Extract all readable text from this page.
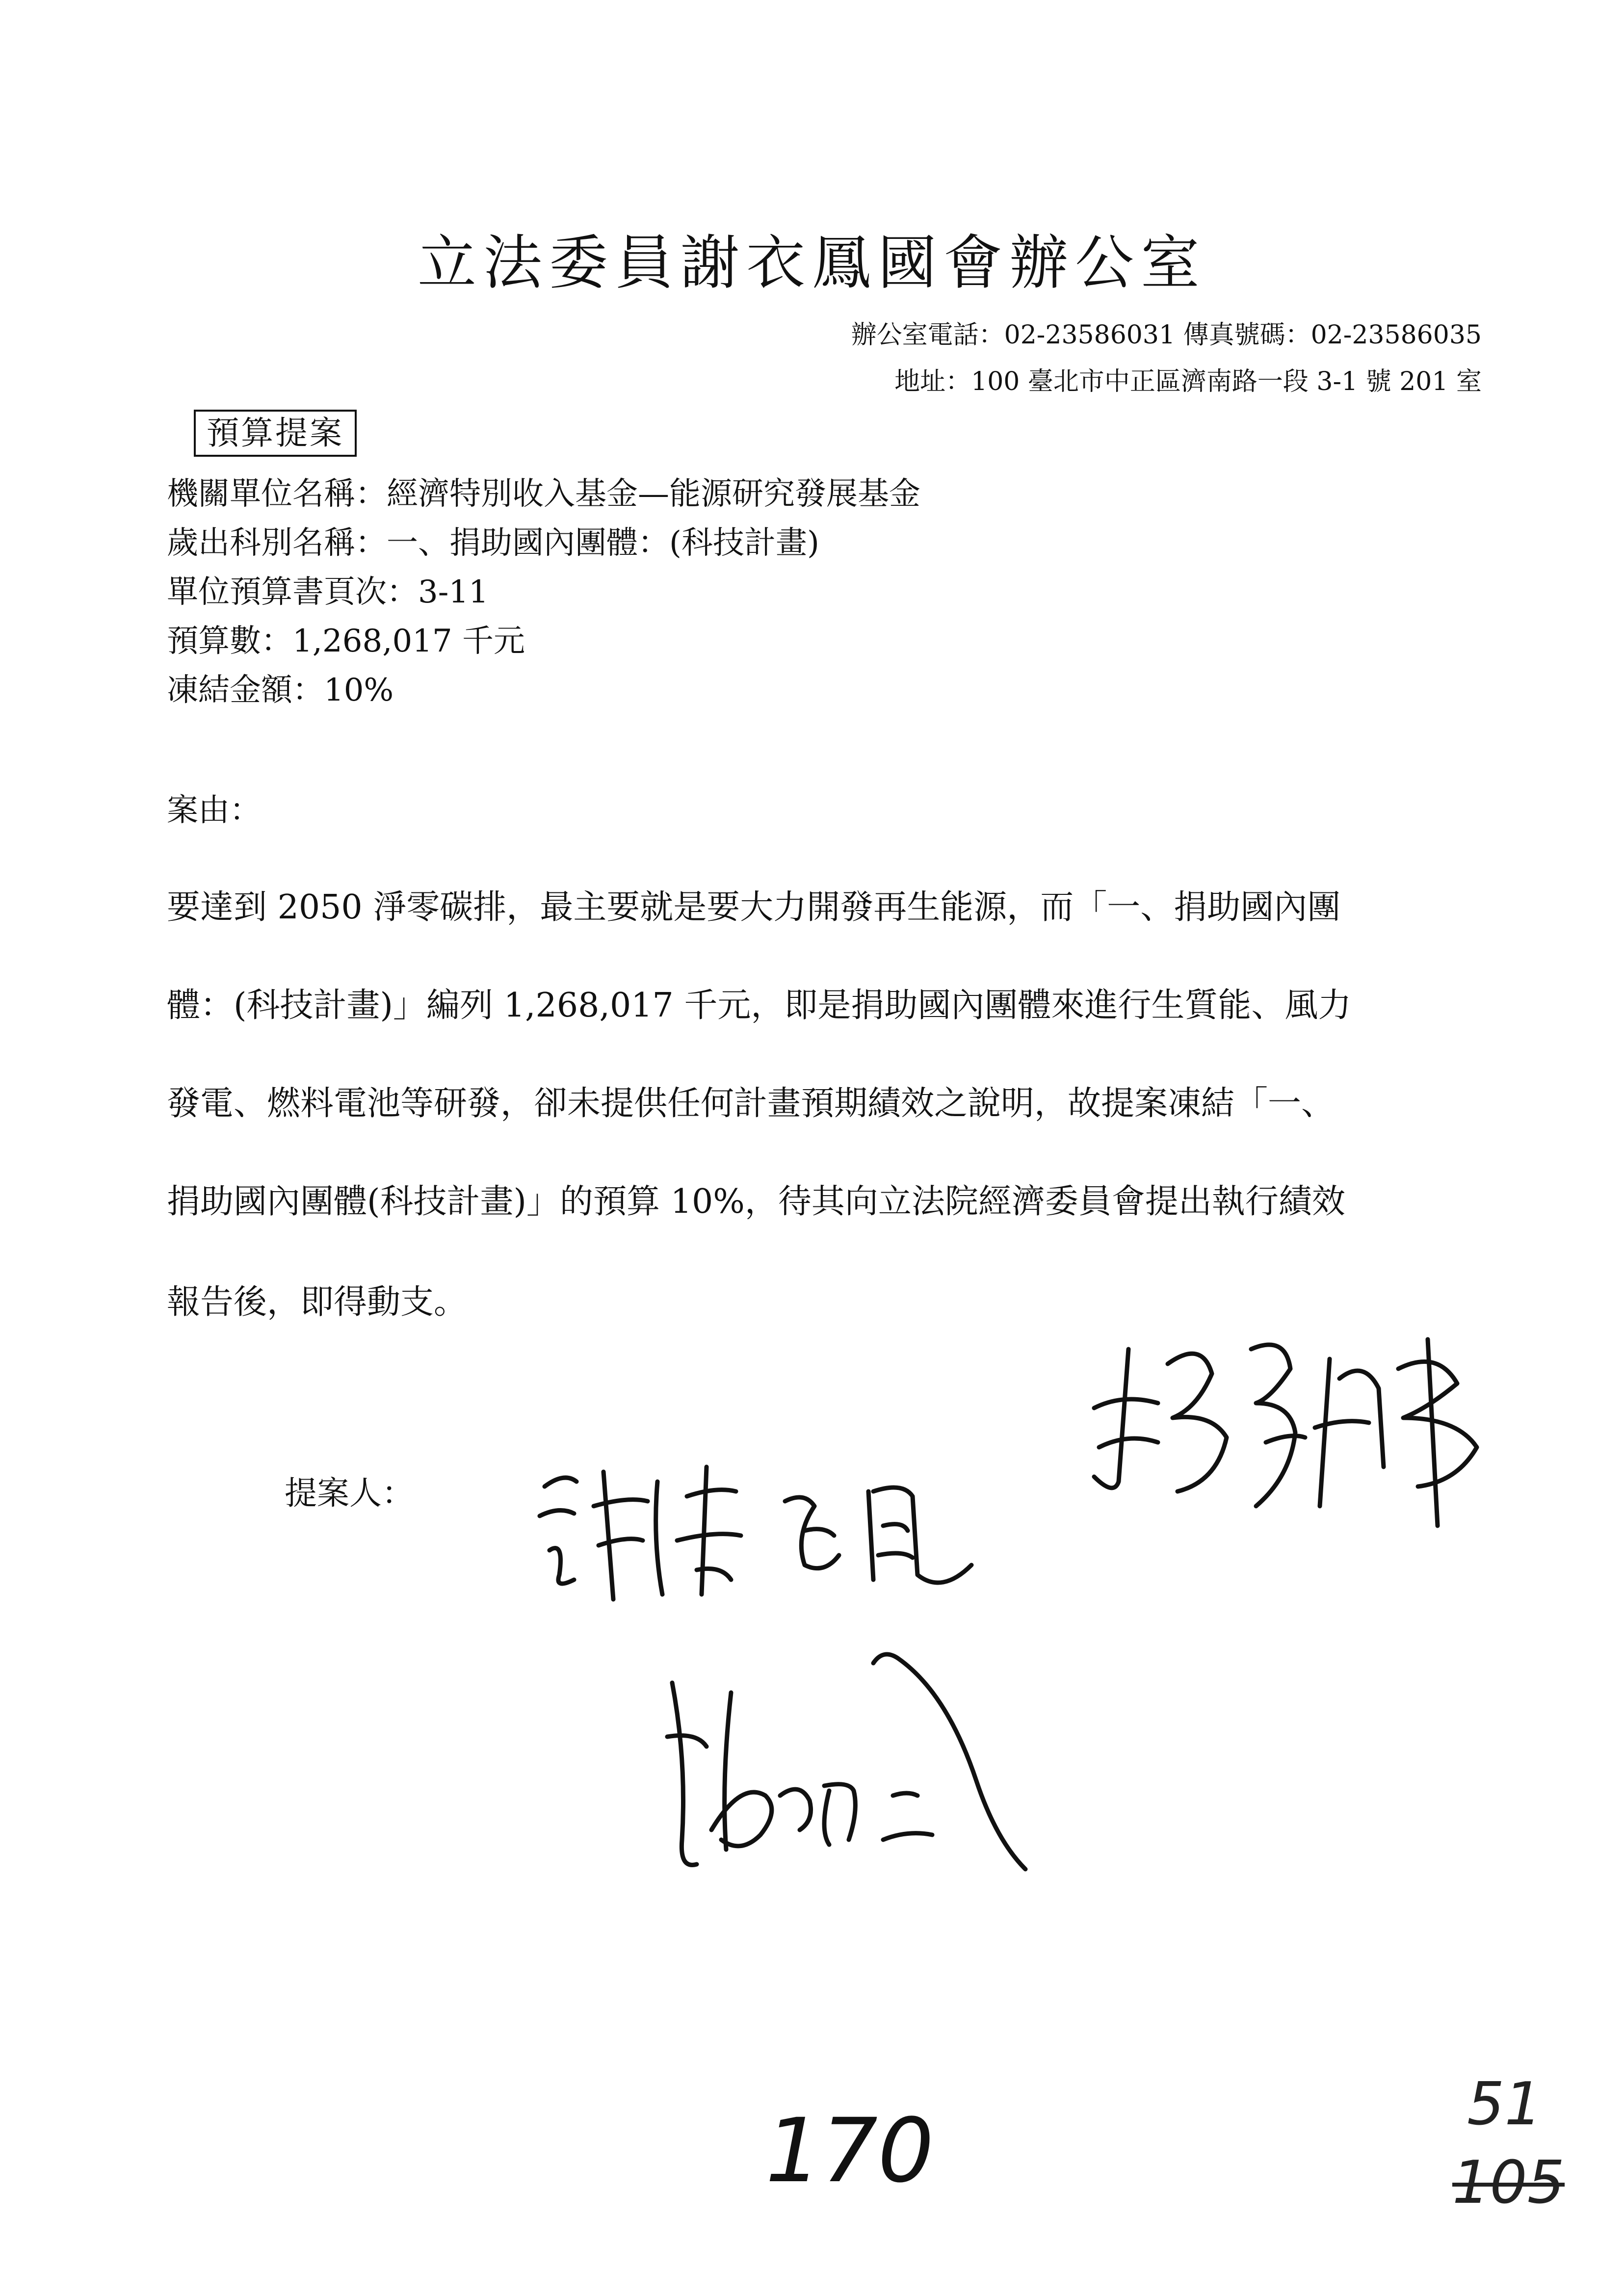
立法委員謝衣鳳國會辦公室
辦公室電話：02-23586031 傳真號碼：02-23586035
地址：100 臺北市中正區濟南路一段 3-1 號 201 室
預算提案
機關單位名稱：經濟特別收入基金—能源研究發展基金
歲出科別名稱：一、捐助國內團體：(科技計畫)
單位預算書頁次：3-11
預算數：1,268,017 千元
凍結金額：10%
案由：
要達到 2050 淨零碳排，最主要就是要大力開發再生能源，而「一、捐助國內團
體：(科技計畫)」編列 1,268,017 千元，即是捐助國內團體來進行生質能、風力
發電、燃料電池等研發，卻未提供任何計畫預期績效之說明，故提案凍結「一、
捐助國內團體(科技計畫)」的預算 10%，待其向立法院經濟委員會提出執行績效
報告後，即得動支。
提案人：
170	51
105
